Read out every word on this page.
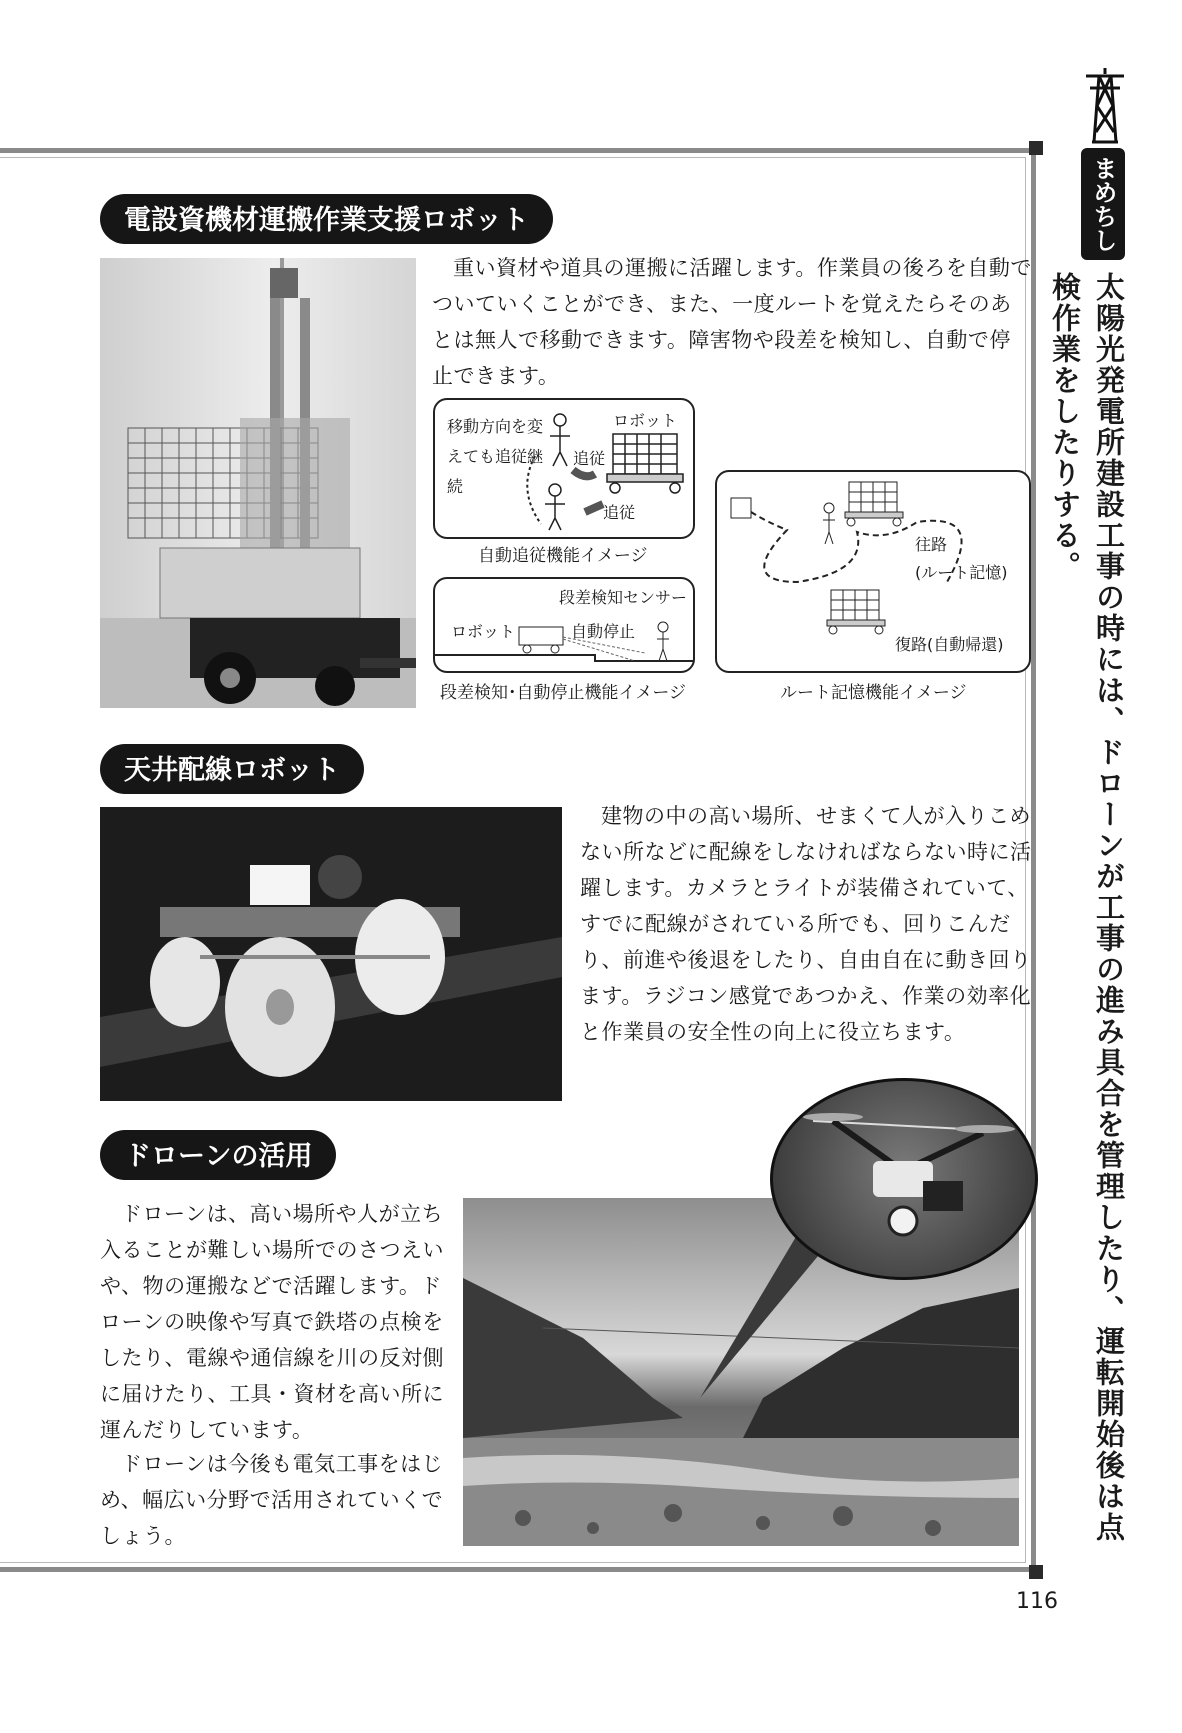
まめちしき
太陽光発電所建設工事の時には、ドローンが工事の進み具合を管理したり、運転開始後は点検作業をしたりする。
でんせつ し きざいうんぱん さぎょう しえん
電設資機材運搬作業支援ロボット
重い資材や道具の運搬に活躍します。作業員の後ろを自動でついていくことができ、また、一度ルートを覚えたらそのあとは無人で移動できます。障害物や段差を検知し、自動で停止できます。
移動方向を変えても追従継続
ロボット
追従
追従
自動追従機能イメージ
段差検知センサー
ロボット	自動停止
段差検知･自動停止機能イメージ
往路
(ルート記憶)
復路(自動帰還)
ルート記憶機能イメージ
てんじょうはいせん
天井配線ロボット
建物の中の高い場所、せまくて人が入りこめない所などに配線をしなければならない時に活躍します。カメラとライトが装備されていて、すでに配線がされている所でも、回りこんだり、前進や後退をしたり、自由自在に動き回ります。ラジコン感覚であつかえ、作業の効率化と作業員の安全性の向上に役立ちます。
かつよう
ドローンの活用
ドローンは、高い場所や人が立ち入ることが難しい場所でのさつえいや、物の運搬などで活躍します。ドローンの映像や写真で鉄塔の点検をしたり、電線や通信線を川の反対側に届けたり、工具・資材を高い所に運んだりしています。
ドローンは今後も電気工事をはじめ、幅広い分野で活用されていくでしょう。
116
